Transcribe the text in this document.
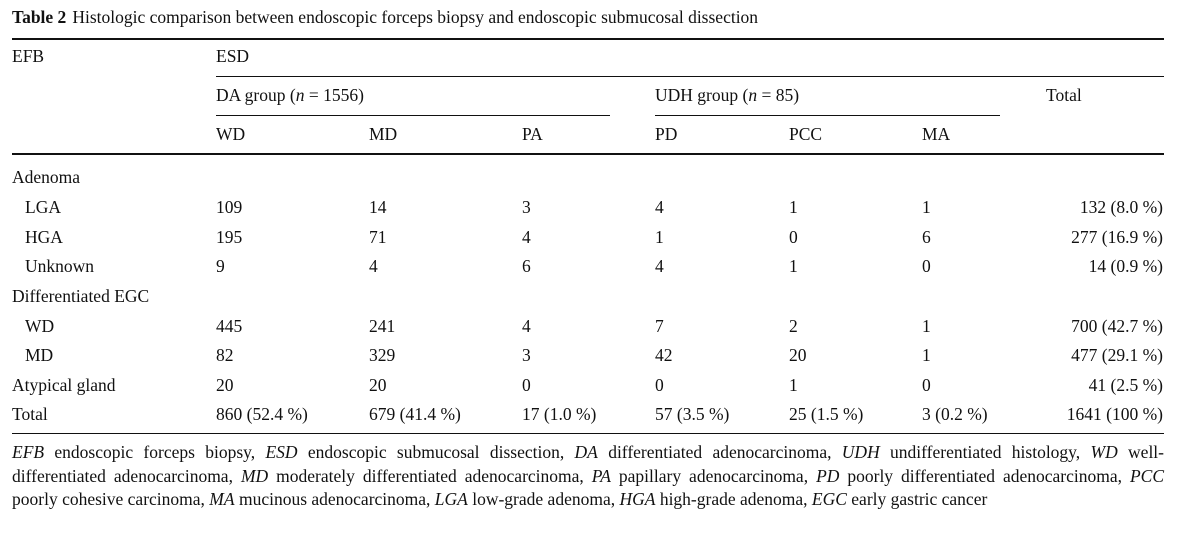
Table 2 Histologic comparison between endoscopic forceps biopsy and endoscopic submucosal dissection
EFB	ESD
DA group (n = 1556)	UDH group (n = 85)	Total
WD	MD	PA	PD	PCC	MA
Adenoma
LGA	109	14	3	4	1	1	132 (8.0 %)
HGA	195	71	4	1	0	6	277 (16.9 %)
Unknown	9	4	6	4	1	0	14 (0.9 %)
Differentiated EGC
WD	445	241	4	7	2	1	700 (42.7 %)
MD	82	329	3	42	20	1	477 (29.1 %)
Atypical gland	20	20	0	0	1	0	41 (2.5 %)
Total	860 (52.4 %)	679 (41.4 %)	17 (1.0 %)	57 (3.5 %)	25 (1.5 %)	3 (0.2 %)	1641 (100 %)
EFB endoscopic forceps biopsy, ESD endoscopic submucosal dissection, DA differentiated adenocarcinoma, UDH undifferentiated histology, WD well-differentiated adenocarcinoma, MD moderately differentiated adenocarcinoma, PA papillary adenocarcinoma, PD poorly differentiated adenocarcinoma, PCC poorly cohesive carcinoma, MA mucinous adenocarcinoma, LGA low-grade adenoma, HGA high-grade adenoma, EGC early gastric cancer
